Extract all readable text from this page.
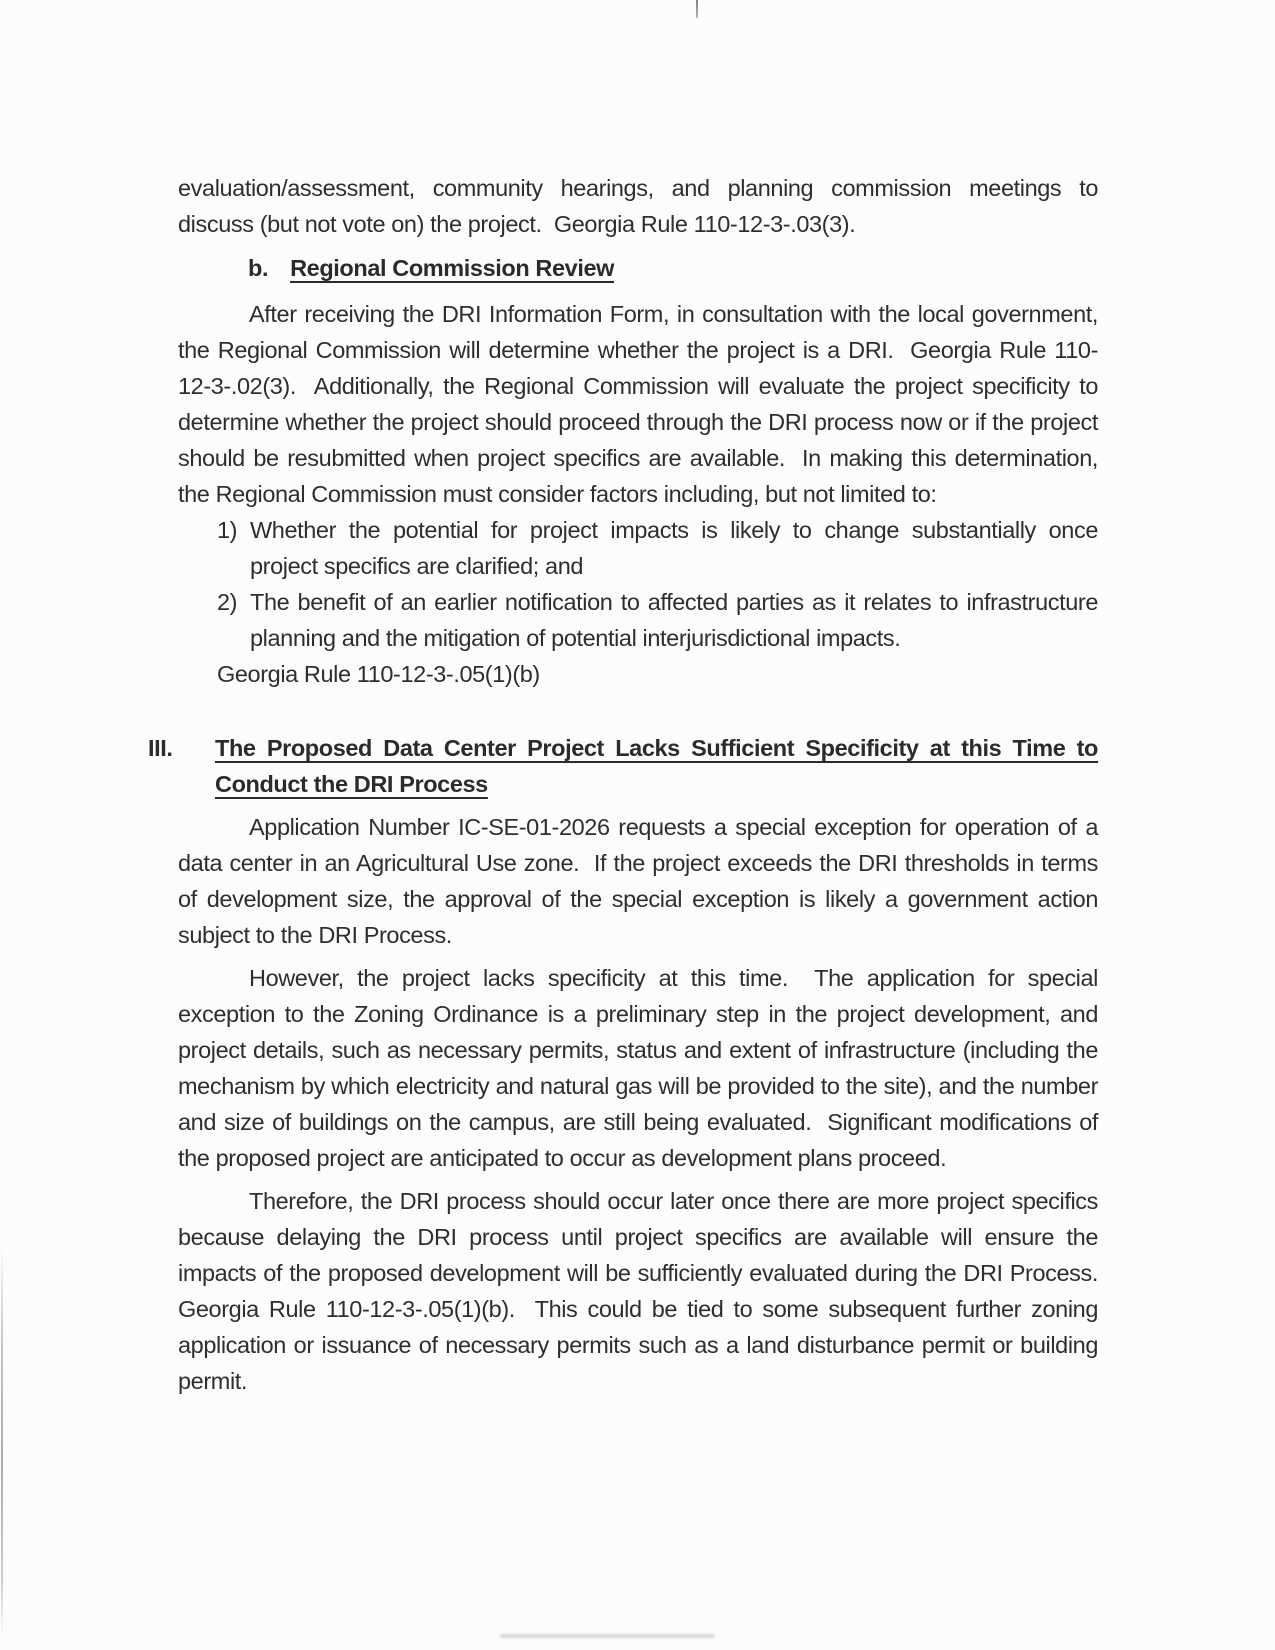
evaluation/assessment,  community  hearings,  and  planning  commission  meetings  to discuss (but not vote on) the project.  Georgia Rule 110-12-3-.03(3).

b. Regional Commission Review

After receiving the DRI Information Form, in consultation with the local government, the Regional Commission will determine whether the project is a DRI.  Georgia Rule 110-12-3-.02(3).  Additionally, the Regional Commission will evaluate the project specificity to determine whether the project should proceed through the DRI process now or if the project should be resubmitted when project specifics are available.  In making this determination, the Regional Commission must consider factors including, but not limited to:

1) Whether the potential for project impacts is likely to change substantially once project specifics are clarified; and
2) The benefit of an earlier notification to affected parties as it relates to infrastructure planning and the mitigation of potential interjurisdictional impacts.

Georgia Rule 110-12-3-.05(1)(b)

III.	The Proposed Data Center Project Lacks Sufficient Specificity at this Time to Conduct the DRI Process

Application Number IC-SE-01-2026 requests a special exception for operation of a data center in an Agricultural Use zone.  If the project exceeds the DRI thresholds in terms of development size, the approval of the special exception is likely a government action subject to the DRI Process.

However, the project lacks specificity at this time.  The application for special exception to the Zoning Ordinance is a preliminary step in the project development, and project details, such as necessary permits, status and extent of infrastructure (including the mechanism by which electricity and natural gas will be provided to the site), and the number and size of buildings on the campus, are still being evaluated.  Significant modifications of the proposed project are anticipated to occur as development plans proceed.

Therefore, the DRI process should occur later once there are more project specifics because delaying the DRI process until project specifics are available will ensure the impacts of the proposed development will be sufficiently evaluated during the DRI Process.  Georgia Rule 110-12-3-.05(1)(b).  This could be tied to some subsequent further zoning application or issuance of necessary permits such as a land disturbance permit or building permit.
